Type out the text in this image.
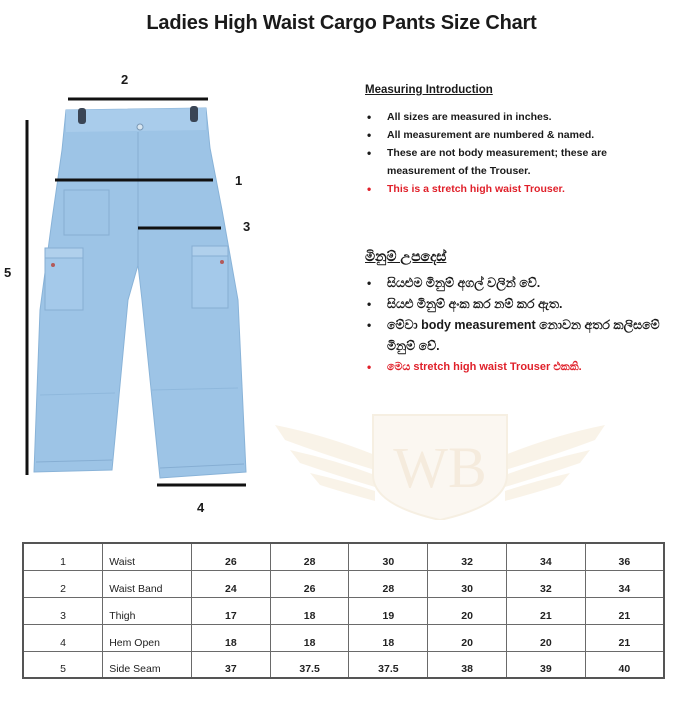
Ladies High Waist Cargo Pants Size Chart
2
1
3
4
5
WB
Measuring Introduction
• All sizes are measured in inches.
• All measurement are numbered & named.
• These are not body measurement; these are measurement of the Trouser.
• This is a stretch high waist Trouser.
මිනුම් උපදෙස්
• සියළුම මිනුම් අගල් වලින් වේ.
• සියළු මිනුම් අංක කර නම් කර ඇත.
• මේවා body measurement නොවන අතර කලිසමේ මිනුම් වේ.
• මෙය stretch high waist Trouser එකකි.
1	Waist	26	28	30	32	34	36
2	Waist Band	24	26	28	30	32	34
3	Thigh	17	18	19	20	21	21
4	Hem Open	18	18	18	20	20	21
5	Side Seam	37	37.5	37.5	38	39	40
